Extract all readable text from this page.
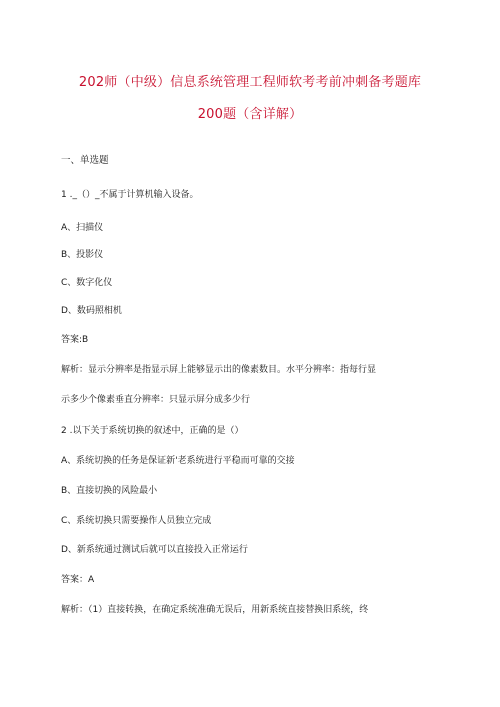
202师（中级）信息系统管理工程师软考考前冲刺备考题库
200题（含详解）
一、单选题
1 ._（）_不属于计算机输入设备。
A、扫描仪
B、投影仪
C、数字化仪
D、数码照相机
答案:B
解析：显示分辨率是指显示屏上能够显示出的像素数目。水平分辨率：指每行显
示多少个像素垂直分辨率：只显示屏分成多少行
2 .以下关于系统切换的叙述中，正确的是（）
A、系统切换的任务是保证新'老系统进行平稳而可靠的交接
B、直接切换的风险最小
C、系统切换只需要操作人员独立完成
D、新系统通过测试后就可以直接投入正常运行
答案：A
解析：（1）直接转换，在确定系统准确无误后，用新系统直接替换旧系统，终
